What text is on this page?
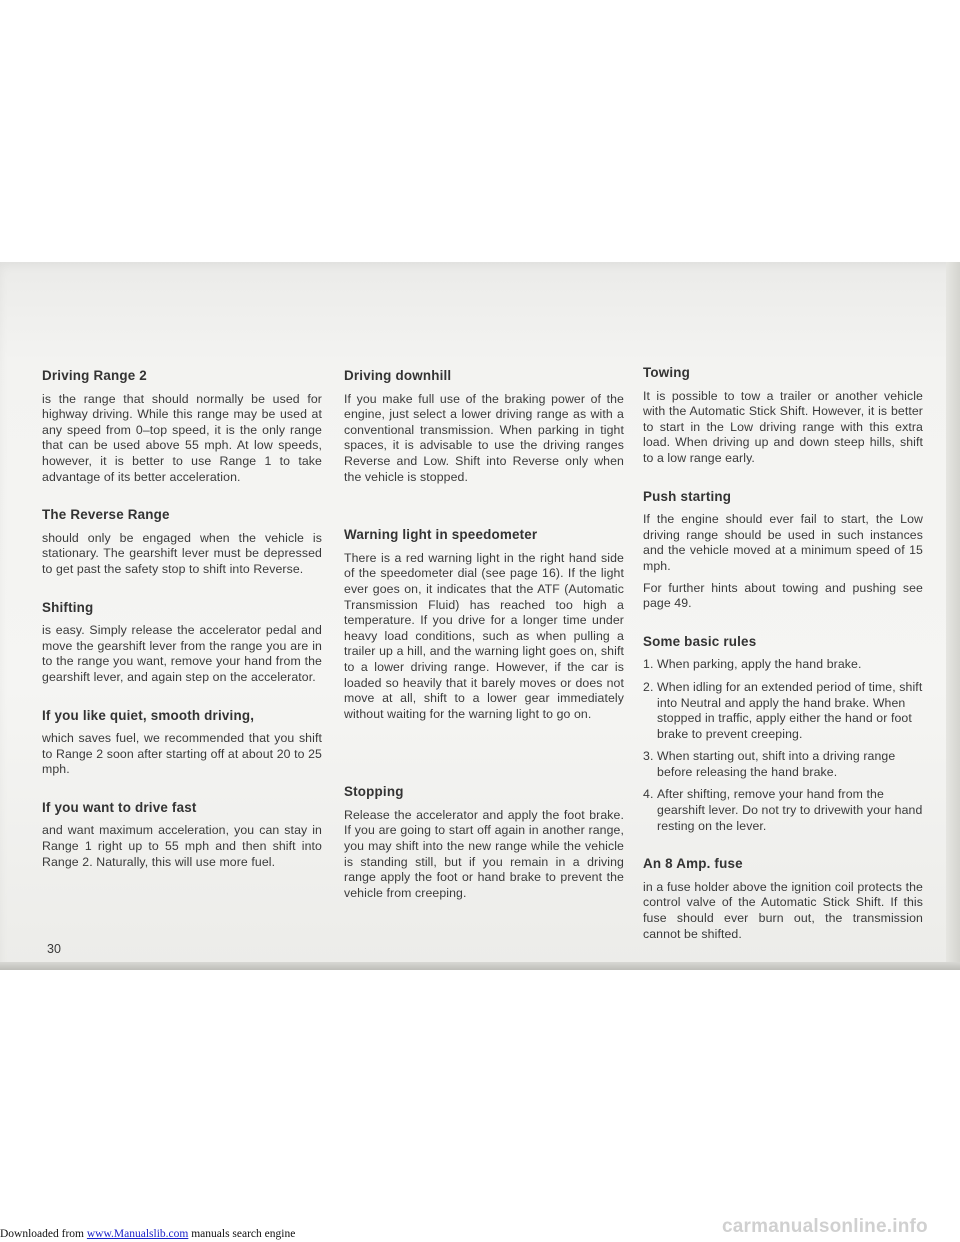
Driving Range 2

is the range that should normally be used for highway driving. While this range may be used at any speed from 0–top speed, it is the only range that can be used above 55 mph. At low speeds, however, it is better to use Range 1 to take advantage of its better acceleration.

The Reverse Range

should only be engaged when the vehicle is stationary. The gearshift lever must be depressed to get past the safety stop to shift into Reverse.

Shifting

is easy. Simply release the accelerator pedal and move the gearshift lever from the range you are in to the range you want, remove your hand from the gearshift lever, and again step on the accelerator.

If you like quiet, smooth driving,

which saves fuel, we recommended that you shift to Range 2 soon after starting off at about 20 to 25 mph.

If you want to drive fast

and want maximum acceleration, you can stay in Range 1 right up to 55 mph and then shift into Range 2. Naturally, this will use more fuel.

Driving downhill

If you make full use of the braking power of the engine, just select a lower driving range as with a conventional transmission. When parking in tight spaces, it is advisable to use the driving ranges Reverse and Low. Shift into Reverse only when the vehicle is stopped.

Warning light in speedometer

There is a red warning light in the right hand side of the speedometer dial (see page 16). If the light ever goes on, it indicates that the ATF (Automatic Transmission Fluid) has reached too high a temperature. If you drive for a longer time under heavy load conditions, such as when pulling a trailer up a hill, and the warning light goes on, shift to a lower driving range. However, if the car is loaded so heavily that it barely moves or does not move at all, shift to a lower gear immediately without waiting for the warning light to go on.

Stopping

Release the accelerator and apply the foot brake. If you are going to start off again in another range, you may shift into the new range while the vehicle is standing still, but if you remain in a driving range apply the foot or hand brake to prevent the vehicle from creeping.

Towing

It is possible to tow a trailer or another vehicle with the Automatic Stick Shift. However, it is better to start in the Low driving range with this extra load. When driving up and down steep hills, shift to a low range early.

Push starting

If the engine should ever fail to start, the Low driving range should be used in such instances and the vehicle moved at a minimum speed of 15 mph.

For further hints about towing and pushing see page 49.

Some basic rules
1. When parking, apply the hand brake.
2. When idling for an extended period of time, shift into Neutral and apply the hand brake. When stopped in traffic, apply either the hand or foot brake to prevent creeping.
3. When starting out, shift into a driving range before releasing the hand brake.
4. After shifting, remove your hand from the gearshift lever. Do not try to drivewith your hand resting on the lever.
An 8 Amp. fuse

in a fuse holder above the ignition coil protects the control valve of the Automatic Stick Shift. If this fuse should ever burn out, the transmission cannot be shifted.

30
Downloaded from www.Manualslib.com manuals search engine	carmanualsonline.info
